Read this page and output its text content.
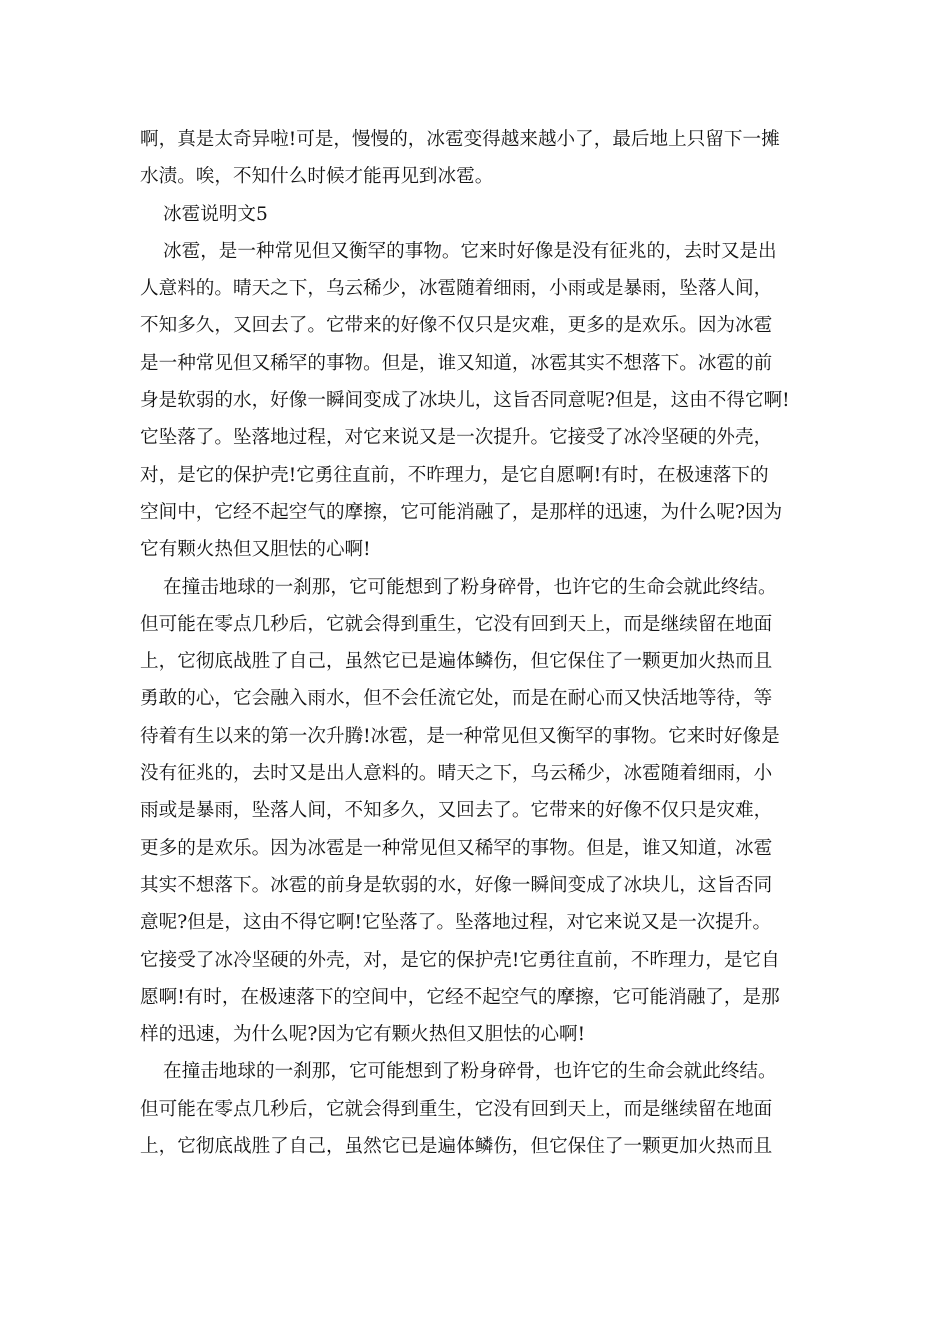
啊，真是太奇异啦!可是，慢慢的，冰雹变得越来越小了，最后地上只留下一摊
水渍。唉，不知什么时候才能再见到冰雹。
冰雹说明文5
冰雹，是一种常见但又衡罕的事物。它来时好像是没有征兆的，去时又是出
人意料的。晴天之下，乌云稀少，冰雹随着细雨，小雨或是暴雨，坠落人间，
不知多久，又回去了。它带来的好像不仅只是灾难，更多的是欢乐。因为冰雹
是一种常见但又稀罕的事物。但是，谁又知道，冰雹其实不想落下。冰雹的前
身是软弱的水，好像一瞬间变成了冰块儿，这旨否同意呢?但是，这由不得它啊!
它坠落了。坠落地过程，对它来说又是一次提升。它接受了冰冷坚硬的外壳，
对，是它的保护壳!它勇往直前，不昨理力，是它自愿啊!有时，在极速落下的
空间中，它经不起空气的摩擦，它可能消融了，是那样的迅速，为什么呢?因为
它有颗火热但又胆怯的心啊!
在撞击地球的一刹那，它可能想到了粉身碎骨，也许它的生命会就此终结。
但可能在零点几秒后，它就会得到重生，它没有回到天上，而是继续留在地面
上，它彻底战胜了自己，虽然它已是遍体鳞伤，但它保住了一颗更加火热而且
勇敢的心，它会融入雨水，但不会任流它处，而是在耐心而又快活地等待，等
待着有生以来的第一次升腾!冰雹，是一种常见但又衡罕的事物。它来时好像是
没有征兆的，去时又是出人意料的。晴天之下，乌云稀少，冰雹随着细雨，小
雨或是暴雨，坠落人间，不知多久，又回去了。它带来的好像不仅只是灾难，
更多的是欢乐。因为冰雹是一种常见但又稀罕的事物。但是，谁又知道，冰雹
其实不想落下。冰雹的前身是软弱的水，好像一瞬间变成了冰块儿，这旨否同
意呢?但是，这由不得它啊!它坠落了。坠落地过程，对它来说又是一次提升。
它接受了冰冷坚硬的外壳，对，是它的保护壳!它勇往直前，不昨理力，是它自
愿啊!有时，在极速落下的空间中，它经不起空气的摩擦，它可能消融了，是那
样的迅速，为什么呢?因为它有颗火热但又胆怯的心啊!
在撞击地球的一刹那，它可能想到了粉身碎骨，也许它的生命会就此终结。
但可能在零点几秒后，它就会得到重生，它没有回到天上，而是继续留在地面
上，它彻底战胜了自己，虽然它已是遍体鳞伤，但它保住了一颗更加火热而且
